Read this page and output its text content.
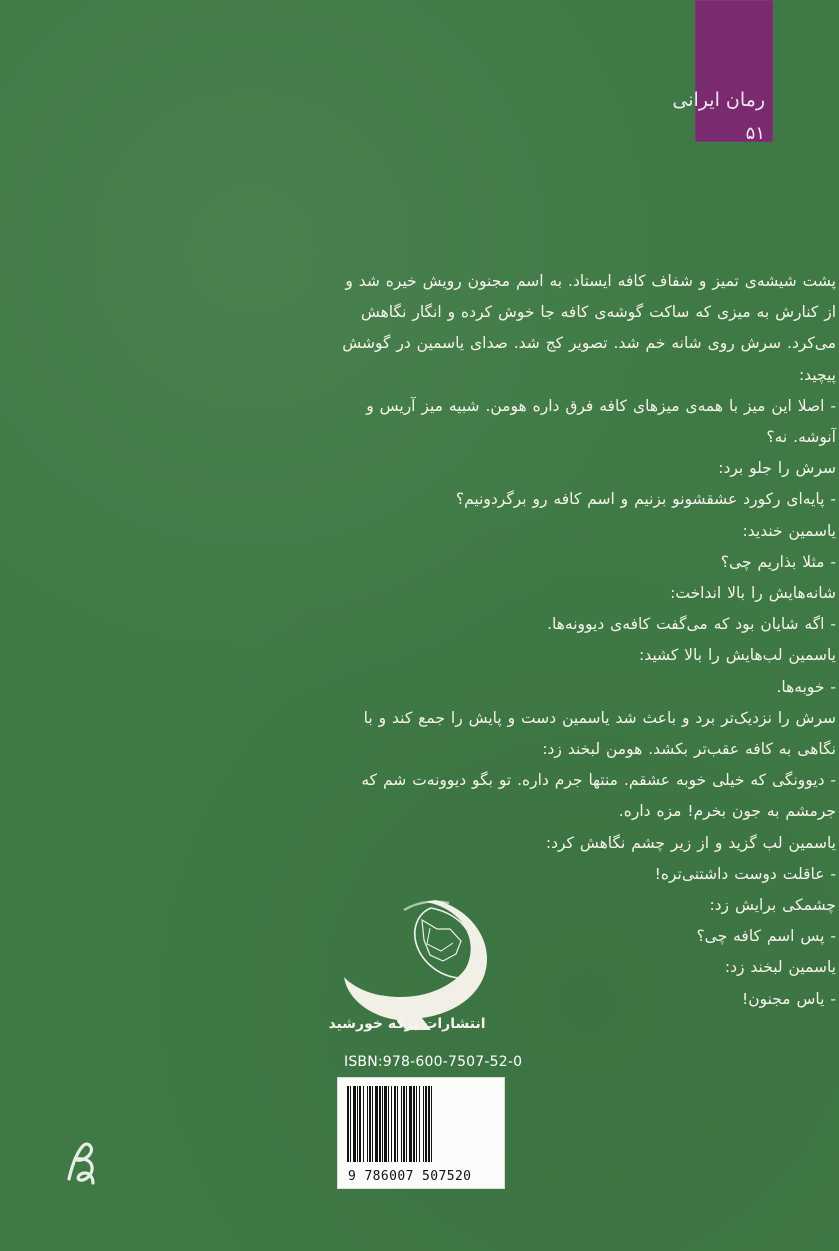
رمان ایرانی
۵۱

پشت شیشه‌ی تمیز و شفاف کافه ایستاد. به اسم مجنون رویش خیره شد و

از کنارش به میزی که ساکت گوشه‌ی کافه جا خوش کرده و انگار نگاهش

می‌کرد. سرش روی شانه خم شد. تصویر کج شد. صدای یاسمین در گوشش

پیچید:

- اصلا این میز با همه‌ی میزهای کافه فرق داره هومن. شبیه میز آریس و

آنوشه. نه؟

سرش را جلو برد:

- پایه‌ای رکورد عشقشونو بزنیم و اسم کافه رو برگردونیم؟

یاسمین خندید:

- مثلا بذاریم چی؟

شانه‌هایش را بالا انداخت:

- اگه شایان بود که می‌گفت کافه‌ی دیوونه‌ها.

یاسمین لب‌هایش را بالا کشید:

- خوبه‌ها.

سرش را نزدیک‌تر برد و باعث شد یاسمین دست و پایش را جمع کند و با

نگاهی به کافه عقب‌تر بکشد. هومن لبخند زد:

- دیوونگی که خیلی خوبه عشقم. منتها جرم داره. تو بگو دیوونه‌ت شم که

جرمشم به جون بخرم! مزه داره.

یاسمین لب گزید و از زیر چشم نگاهش کرد:

- عاقلت دوست داشتنی‌تره!

چشمکی برایش زد:

- پس اسم کافه چی؟

یاسمین لبخند زد:

- یاس مجنون!

انتشارات برکه خورشید
ISBN:978-600-7507-52-0
9 786007 507520
